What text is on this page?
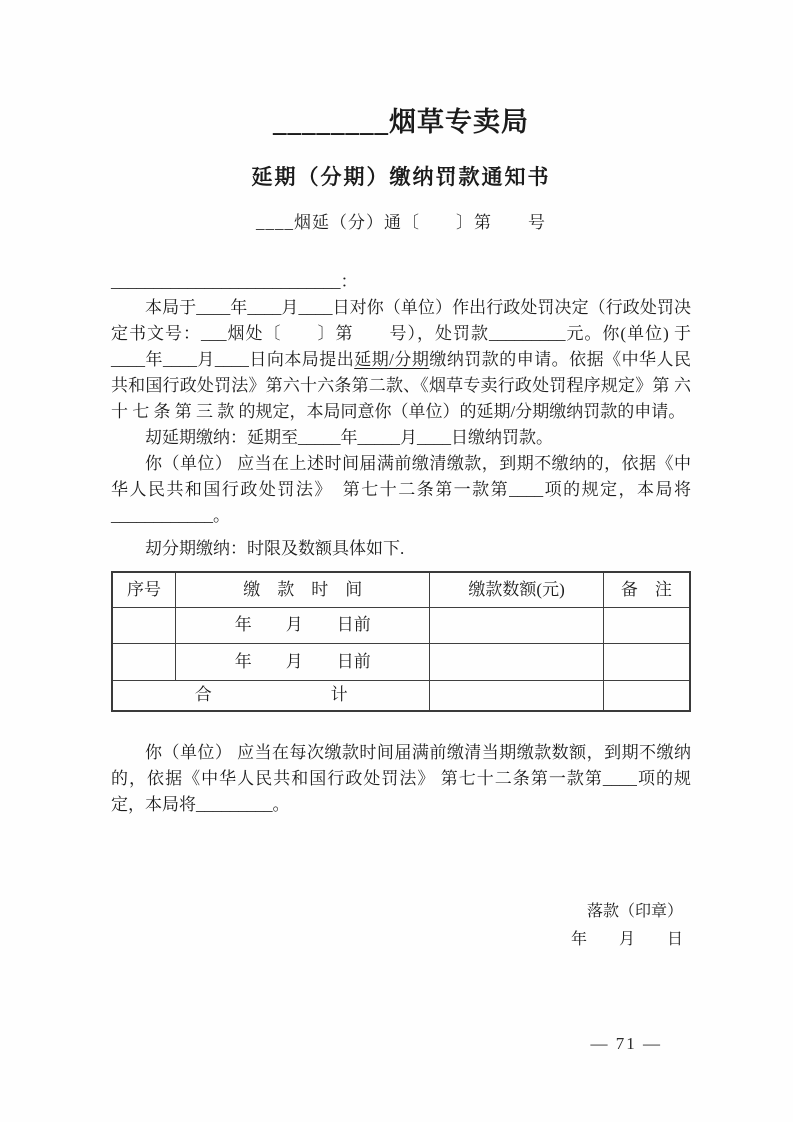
________烟草专卖局
延期（分期）缴纳罚款通知书
____烟延（分）通〔　　〕第　　号

___________________________：

本局于____年____月____日对你（单位）作出行政处罚决定（行政处罚决定书文号：___烟处〔　　〕第　　号），处罚款_________元。你(单位) 于____年____月____日向本局提出延期/分期缴纳罚款的申请。依据《中华人民共和国行政处罚法》第六十六条第二款、《烟草专卖行政处罚程序规定》第 六 十 七 条 第 三 款 的规定，本局同意你（单位）的延期/分期缴纳罚款的申请。

刧延期缴纳：延期至_____年_____月____日缴纳罚款。

你（单位） 应当在上述时间届满前缴清缴款，到期不缴纳的，依据《中华人民共和国行政处罚法》　第七十二条第一款第____项的规定，本局将____________。

刧分期缴纳：时限及数额具体如下.

序号	缴　款　时　间	缴款数额(元)	备　注
	年　　月　　日前		
	年　　月　　日前		
合　　　　　　　计			

你（单位） 应当在每次缴款时间届满前缴清当期缴款数额，到期不缴纳的，依据《中华人民共和国行政处罚法》 第七十二条第一款第____项的规定，本局将_________。

落款（印章）
年　　月　　日
— 71 —
